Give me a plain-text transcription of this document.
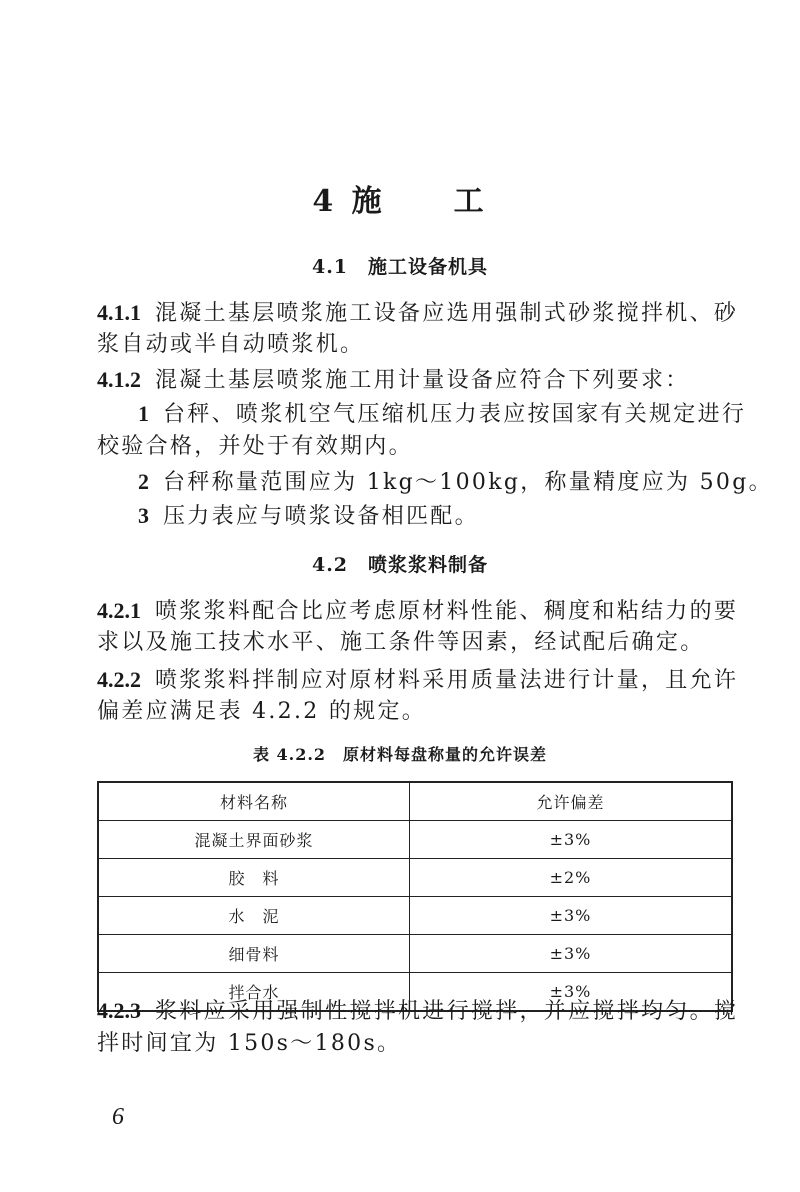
4 施　　工
4.1　施工设备机具
4.1.1 混凝土基层喷浆施工设备应选用强制式砂浆搅拌机、砂
浆自动或半自动喷浆机。
4.1.2 混凝土基层喷浆施工用计量设备应符合下列要求：
1 台秤、喷浆机空气压缩机压力表应按国家有关规定进行
校验合格，并处于有效期内。
2 台秤称量范围应为 1kg～100kg，称量精度应为 50g。
3 压力表应与喷浆设备相匹配。
4.2　喷浆浆料制备
4.2.1 喷浆浆料配合比应考虑原材料性能、稠度和粘结力的要
求以及施工技术水平、施工条件等因素，经试配后确定。
4.2.2 喷浆浆料拌制应对原材料采用质量法进行计量，且允许
偏差应满足表 4.2.2 的规定。
表 4.2.2　原材料每盘称量的允许误差
材料名称	允许偏差
混凝土界面砂浆	±3%
胶　料	±2%
水　泥	±3%
细骨料	±3%
拌合水	±3%
4.2.3 浆料应采用强制性搅拌机进行搅拌，并应搅拌均匀。搅
拌时间宜为 150s～180s。
6
